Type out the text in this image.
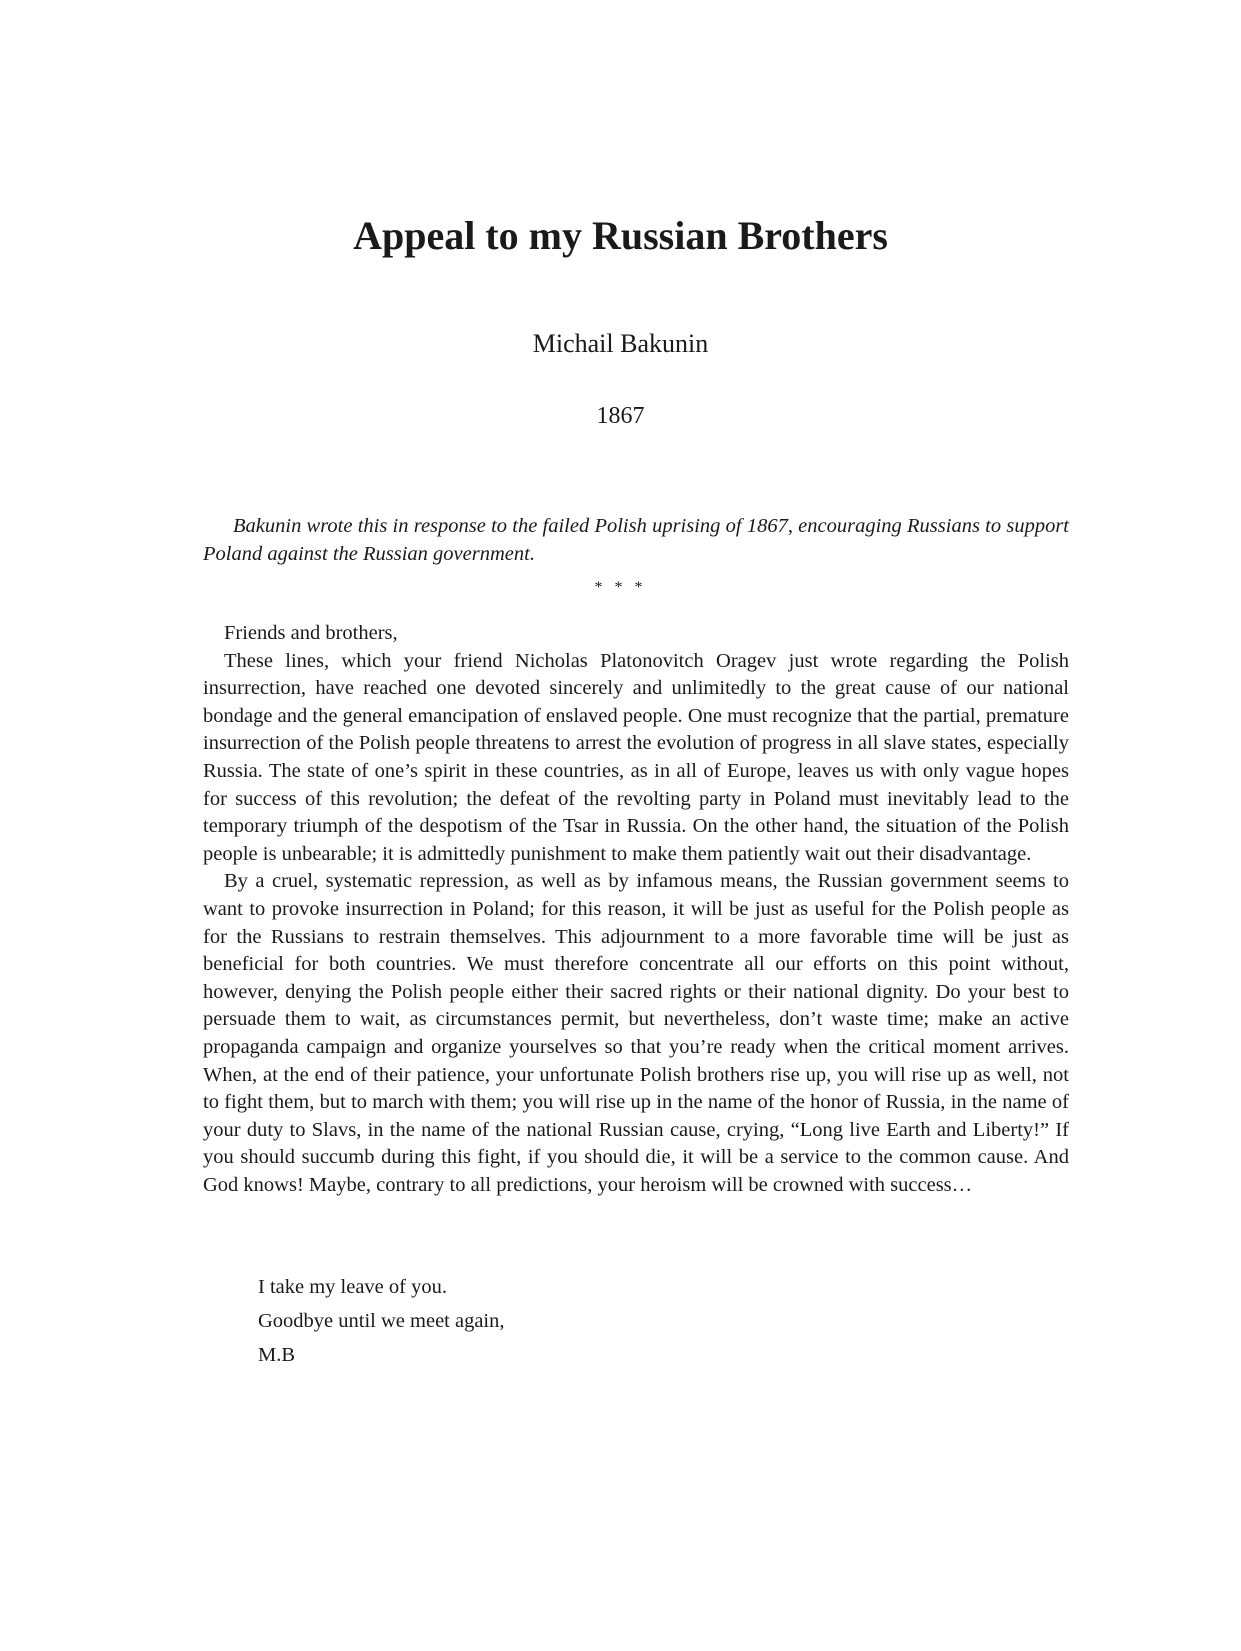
Appeal to my Russian Brothers
Michail Bakunin
1867

Bakunin wrote this in response to the failed Polish uprising of 1867, encouraging Russians to support Poland against the Russian government.

* * *

Friends and brothers,

These lines, which your friend Nicholas Platonovitch Oragev just wrote regarding the Polish insurrection, have reached one devoted sincerely and unlimitedly to the great cause of our national bondage and the general emancipation of enslaved people. One must recognize that the partial, premature insurrection of the Polish people threatens to arrest the evolution of progress in all slave states, especially Russia. The state of one’s spirit in these countries, as in all of Europe, leaves us with only vague hopes for success of this revolution; the defeat of the revolting party in Poland must inevitably lead to the temporary triumph of the despotism of the Tsar in Russia. On the other hand, the situation of the Polish people is unbearable; it is admittedly punishment to make them patiently wait out their disadvantage.

By a cruel, systematic repression, as well as by infamous means, the Russian government seems to want to provoke insurrection in Poland; for this reason, it will be just as useful for the Polish people as for the Russians to restrain themselves. This adjournment to a more favorable time will be just as beneficial for both countries. We must therefore concentrate all our efforts on this point without, however, denying the Polish people either their sacred rights or their national dignity. Do your best to persuade them to wait, as circumstances permit, but nevertheless, don’t waste time; make an active propaganda campaign and organize yourselves so that you’re ready when the critical moment arrives. When, at the end of their patience, your unfortunate Polish brothers rise up, you will rise up as well, not to fight them, but to march with them; you will rise up in the name of the honor of Russia, in the name of your duty to Slavs, in the name of the national Russian cause, crying, “Long live Earth and Liberty!” If you should succumb during this fight, if you should die, it will be a service to the common cause. And God knows! Maybe, contrary to all predictions, your heroism will be crowned with success…

I take my leave of you.
Goodbye until we meet again,
M.B
